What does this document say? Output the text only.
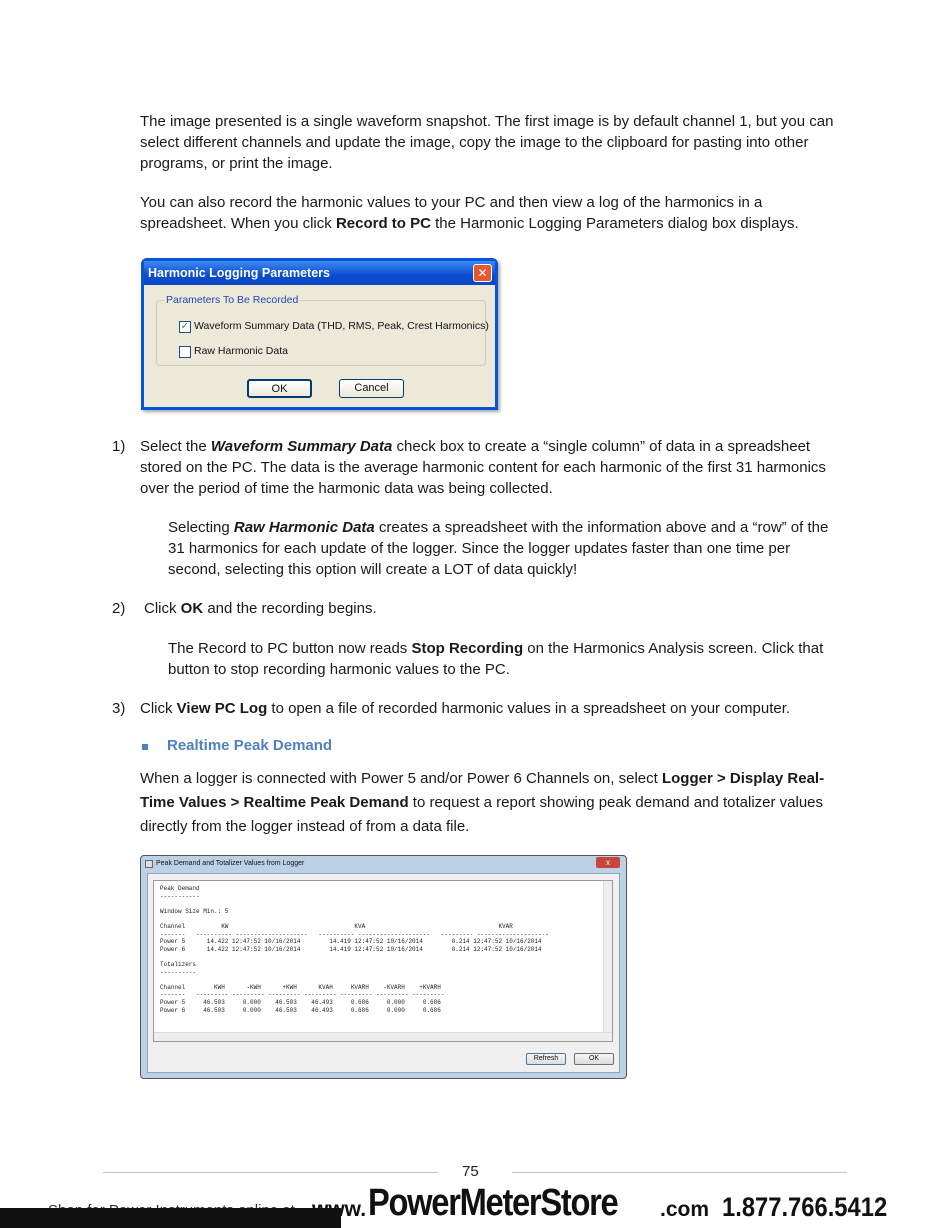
The image presented is a single waveform snapshot. The first image is by default channel 1, but you can select different channels and update the image, copy the image to the clipboard for pasting into other programs, or print the image.
You can also record the harmonic values to your PC and then view a log of the harmonics in a spreadsheet. When you click Record to PC the Harmonic Logging Parameters dialog box displays.
Harmonic Logging Parameters	✕
Parameters To Be Recorded
✓ Waveform Summary Data (THD, RMS, Peak, Crest Harmonics)
Raw Harmonic Data
OK	Cancel
1) Select the Waveform Summary Data check box to create a “single column” of data in a spreadsheet stored on the PC. The data is the average harmonic content for each harmonic of the first 31 harmonics over the period of time the harmonic data was being collected.
Selecting Raw Harmonic Data creates a spreadsheet with the information above and a “row” of the 31 harmonics for each update of the logger. Since the logger updates faster than one time per second, selecting this option will create a LOT of data quickly!
2) Click OK and the recording begins.
The Record to PC button now reads Stop Recording on the Harmonics Analysis screen. Click that button to stop recording harmonic values to the PC.
3) Click View PC Log to open a file of recorded harmonic values in a spreadsheet on your computer.
Realtime Peak Demand
When a logger is connected with Power 5 and/or Power 6 Channels on, select Logger > Display Real-Time Values > Realtime Peak Demand to request a report showing peak demand and totalizer values directly from the logger instead of from a data file.
Peak Demand and Totalizer Values from Logger	x
Peak Demand
-----------

Window Size Min.: 5

Channel          KW                                   KVA                                     KVAR
-------   ---------- --------------------   ---------- --------------------   --------- --------------------
Power 5      14.422 12:47:52 10/16/2014        14.419 12:47:52 10/16/2014        0.214 12:47:52 10/16/2014
Power 6      14.422 12:47:52 10/16/2014        14.419 12:47:52 10/16/2014        0.214 12:47:52 10/16/2014

Totalizers
----------

Channel        KWH      -KWH      +KWH      KVAH     KVARH    -KVARH    +KVARH
-------   --------- --------- --------- --------- --------- --------- ---------
Power 5     46.503     0.000    46.503    46.493     0.686     0.000     0.686
Power 6     46.503     0.000    46.503    46.493     0.686     0.000     0.686
Refresh	OK
75
www. PowerMeterStore .com 1.877.766.5412
